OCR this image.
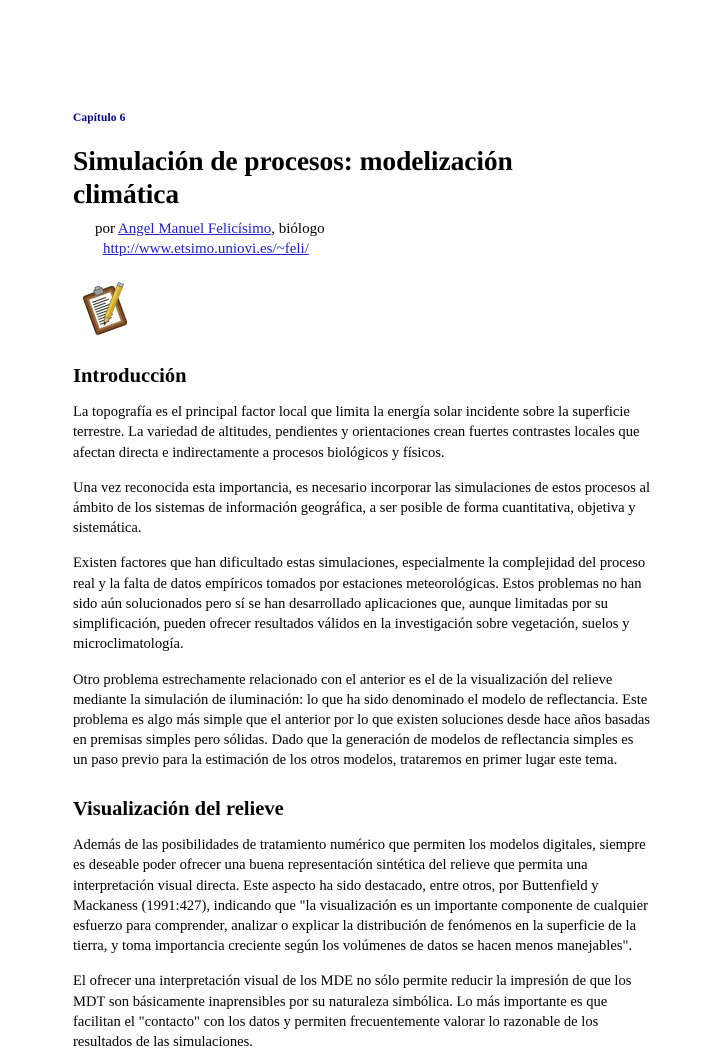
Capítulo 6
Simulación de procesos: modelización climática
por Angel Manuel Felicísimo, biólogo
http://www.etsimo.uniovi.es/~feli/
Introducción

La topografía es el principal factor local que limita la energía solar incidente sobre la superficie terrestre. La variedad de altitudes, pendientes y orientaciones crean fuertes contrastes locales que afectan directa e indirectamente a procesos biológicos y físicos.

Una vez reconocida esta importancia, es necesario incorporar las simulaciones de estos procesos al ámbito de los sistemas de información geográfica, a ser posible de forma cuantitativa, objetiva y sistemática.

Existen factores que han dificultado estas simulaciones, especialmente la complejidad del proceso real y la falta de datos empíricos tomados por estaciones meteorológicas. Estos problemas no han sido aún solucionados pero sí se han desarrollado aplicaciones que, aunque limitadas por su simplificación, pueden ofrecer resultados válidos en la investigación sobre vegetación, suelos y microclimatología.

Otro problema estrechamente relacionado con el anterior es el de la visualización del relieve mediante la simulación de iluminación: lo que ha sido denominado el modelo de reflectancia. Este problema es algo más simple que el anterior por lo que existen soluciones desde hace años basadas en premisas simples pero sólidas. Dado que la generación de modelos de reflectancia simples es un paso previo para la estimación de los otros modelos, trataremos en primer lugar este tema.

Visualización del relieve

Además de las posibilidades de tratamiento numérico que permiten los modelos digitales, siempre es deseable poder ofrecer una buena representación sintética del relieve que permita una interpretación visual directa. Este aspecto ha sido destacado, entre otros, por Buttenfield y Mackaness (1991:427), indicando que "la visualización es un importante componente de cualquier esfuerzo para comprender, analizar o explicar la distribución de fenómenos en la superficie de la tierra, y toma importancia creciente según los volúmenes de datos se hacen menos manejables".

El ofrecer una interpretación visual de los MDE no sólo permite reducir la impresión de que los MDT son básicamente inaprensibles por su naturaleza simbólica. Lo más importante es que facilitan el "contacto" con los datos y permiten frecuentemente valorar lo razonable de los resultados de las simulaciones.
